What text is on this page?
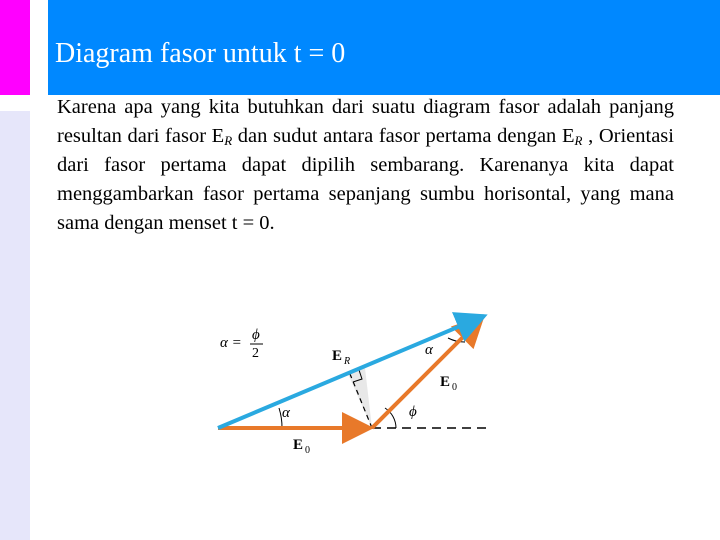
Diagram fasor untuk t = 0

Karena apa yang kita butuhkan dari suatu diagram fasor adalah panjang resultan dari fasor $E_R$ dan sudut antara fasor pertama dengan $E_R$ , Orientasi dari fasor pertama dapat dipilih sembarang. Karenanya kita dapat menggambarkan fasor pertama sepanjang sumbu horisontal, yang mana sama dengan menset t = 0.

α = ϕ
2	E R
α
E 0
ϕ
α
E 0
